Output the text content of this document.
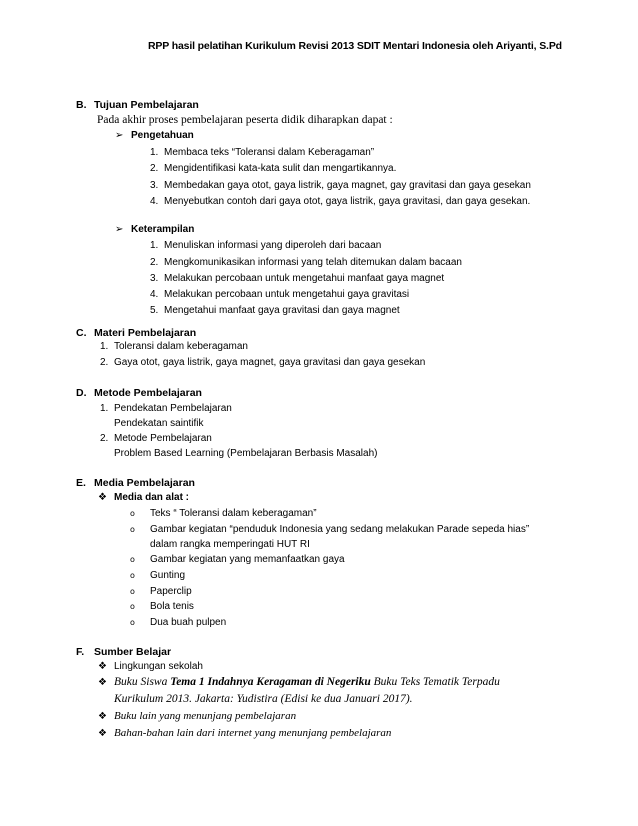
RPP hasil pelatihan Kurikulum Revisi 2013 SDIT Mentari Indonesia oleh Ariyanti, S.Pd
B. Tujuan Pembelajaran
Pada akhir proses pembelajaran peserta didik diharapkan dapat :
➢ Pengetahuan
1. Membaca teks “Toleransi dalam Keberagaman”
2. Mengidentifikasi kata-kata sulit dan mengartikannya.
3. Membedakan gaya otot, gaya listrik, gaya magnet, gay gravitasi dan gaya gesekan
4. Menyebutkan contoh dari gaya otot, gaya listrik, gaya gravitasi, dan gaya gesekan.
➢ Keterampilan
1. Menuliskan informasi yang diperoleh dari bacaan
2. Mengkomunikasikan informasi yang telah ditemukan dalam bacaan
3. Melakukan percobaan untuk mengetahui manfaat gaya magnet
4. Melakukan percobaan untuk mengetahui gaya gravitasi
5. Mengetahui manfaat gaya gravitasi dan gaya magnet
C. Materi Pembelajaran
1. Toleransi dalam keberagaman
2. Gaya otot, gaya listrik, gaya magnet, gaya gravitasi dan gaya gesekan
D. Metode Pembelajaran
1. Pendekatan Pembelajaran
Pendekatan saintifik
2. Metode Pembelajaran
Problem Based Learning (Pembelajaran Berbasis Masalah)
E. Media Pembelajaran
❖ Media dan alat :
o Teks “ Toleransi dalam keberagaman”
o Gambar kegiatan “penduduk Indonesia yang sedang melakukan Parade sepeda hias”
dalam rangka memperingati HUT RI
o Gambar kegiatan yang memanfaatkan gaya
o Gunting
o Paperclip
o Bola tenis
o Dua buah pulpen
F. Sumber Belajar
❖ Lingkungan sekolah
❖ Buku Siswa Tema 1 Indahnya Keragaman di Negeriku Buku Teks Tematik Terpadu
Kurikulum 2013. Jakarta: Yudistira (Edisi ke dua Januari 2017).
❖ Buku lain yang menunjang pembelajaran
❖ Bahan-bahan lain dari internet yang menunjang pembelajaran
